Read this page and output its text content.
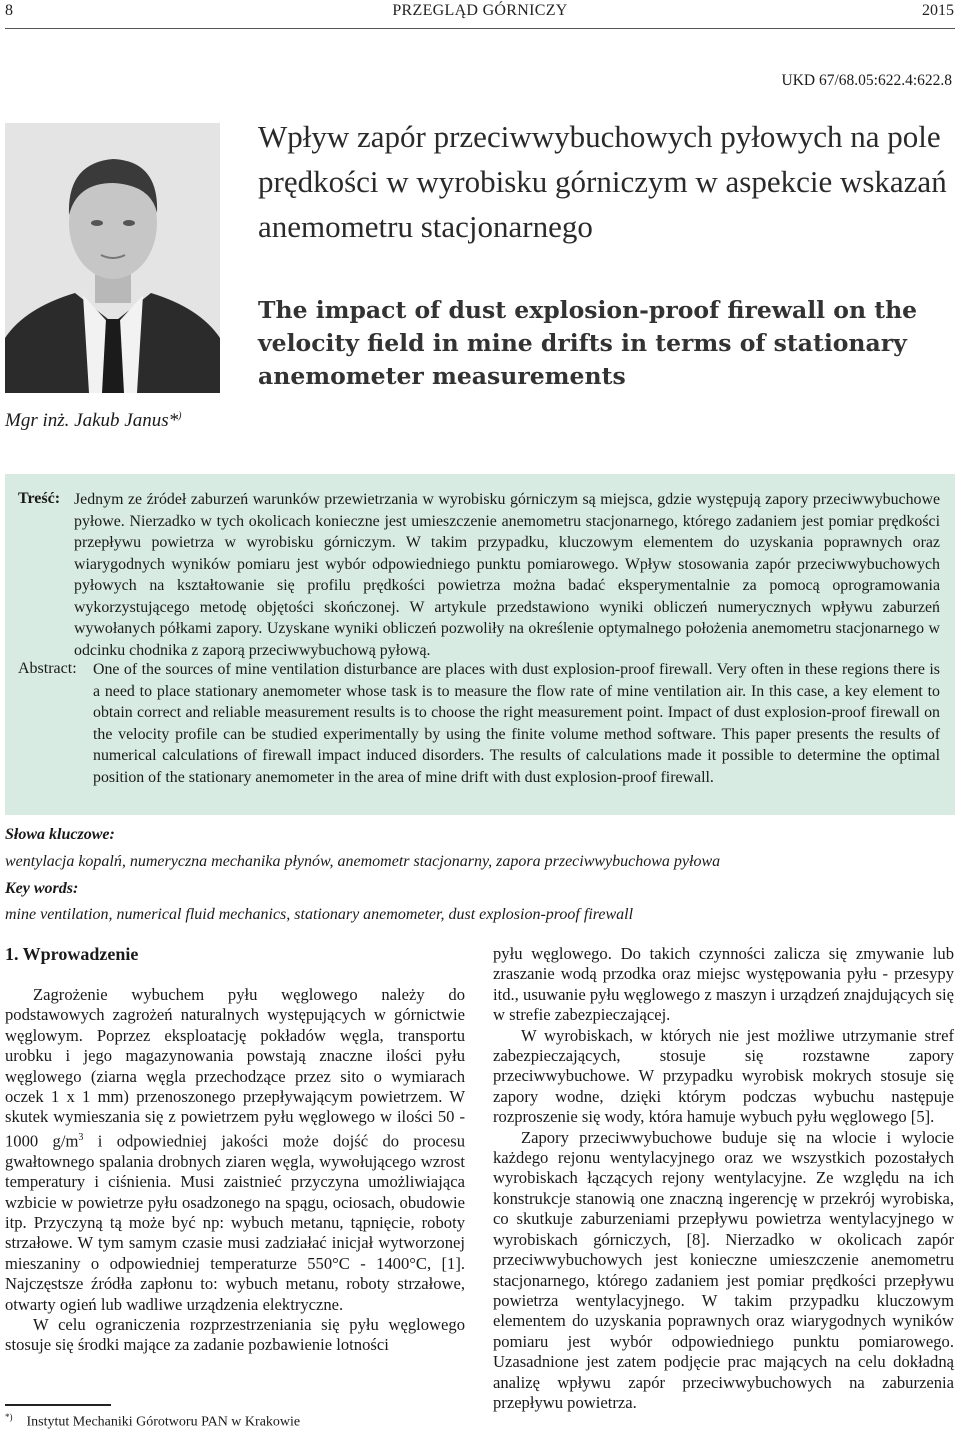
8	PRZEGLĄD GÓRNICZY	2015
UKD 67/68.05:622.4:622.8
Mgr inż. Jakub Janus*)
Wpływ zapór przeciwwybuchowych pyłowych na pole prędkości w wyrobisku górniczym w aspekcie wskazań anemometru stacjonarnego
The impact of dust explosion-proof firewall on the velocity field in mine drifts in terms of stationary anemometer measurements
Treść: Jednym ze źródeł zaburzeń warunków przewietrzania w wyrobisku górniczym są miejsca, gdzie występują zapory przeciwwybuchowe pyłowe. Nierzadko w tych okolicach konieczne jest umieszczenie anemometru stacjonarnego, którego zadaniem jest pomiar prędkości przepływu powietrza w wyrobisku górniczym. W takim przypadku, kluczowym elementem do uzyskania poprawnych oraz wiarygodnych wyników pomiaru jest wybór odpowiedniego punktu pomiarowego. Wpływ stosowania zapór przeciwwybuchowych pyłowych na kształtowanie się profilu prędkości powietrza można badać eksperymentalnie za pomocą oprogramowania wykorzystującego metodę objętości skończonej. W artykule przedstawiono wyniki obliczeń numerycznych wpływu zaburzeń wywołanych półkami zapory. Uzyskane wyniki obliczeń pozwoliły na określenie optymalnego położenia anemometru stacjonarnego w odcinku chodnika z zaporą przeciwwybuchową pyłową.
Abstract: One of the sources of mine ventilation disturbance are places with dust explosion-proof firewall. Very often in these regions there is a need to place stationary anemometer whose task is to measure the flow rate of mine ventilation air. In this case, a key element to obtain correct and reliable measurement results is to choose the right measurement point. Impact of dust explosion-proof firewall on the velocity profile can be studied experimentally by using the finite volume method software. This paper presents the results of numerical calculations of firewall impact induced disorders. The results of calculations made it possible to determine the optimal position of the stationary anemometer in the area of mine drift with dust explosion-proof firewall.
Słowa kluczowe:
wentylacja kopalń, numeryczna mechanika płynów, anemometr stacjonarny, zapora przeciwwybuchowa pyłowa
Key words:
mine ventilation, numerical fluid mechanics, stationary anemometer, dust explosion-proof firewall
1. Wprowadzenie

Zagrożenie wybuchem pyłu węglowego należy do podstawowych zagrożeń naturalnych występujących w górnictwie węglowym. Poprzez eksploatację pokładów węgla, transportu urobku i jego magazynowania powstają znaczne ilości pyłu węglowego (ziarna węgla przechodzące przez sito o wymiarach oczek 1 x 1 mm) przenoszonego przepływającym powietrzem. W skutek wymieszania się z powietrzem pyłu węglowego w ilości 50 - 1000 $g/m^3$ i odpowiedniej jakości może dojść do procesu gwałtownego spalania drobnych ziaren węgla, wywołującego wzrost temperatury i ciśnienia. Musi zaistnieć przyczyna umożliwiająca wzbicie w powietrze pyłu osadzonego na spągu, ociosach, obudowie itp. Przyczyną tą może być np: wybuch metanu, tąpnięcie, roboty strzałowe. W tym samym czasie musi zadziałać inicjał wytworzonej mieszaniny o odpowiedniej temperaturze 550°C - 1400°C, [1]. Najczęstsze źródła zapłonu to: wybuch metanu, roboty strzałowe, otwarty ogień lub wadliwe urządzenia elektryczne.

W celu ograniczenia rozprzestrzeniania się pyłu węglowego stosuje się środki mające za zadanie pozbawienie lotności

pyłu węglowego. Do takich czynności zalicza się zmywanie lub zraszanie wodą przodka oraz miejsc występowania pyłu - przesypy itd., usuwanie pyłu węglowego z maszyn i urządzeń znajdujących się w strefie zabezpieczającej.

W wyrobiskach, w których nie jest możliwe utrzymanie stref zabezpieczających, stosuje się rozstawne zapory przeciwwybuchowe. W przypadku wyrobisk mokrych stosuje się zapory wodne, dzięki którym podczas wybuchu następuje rozproszenie się wody, która hamuje wybuch pyłu węglowego [5].

Zapory przeciwwybuchowe buduje się na wlocie i wylocie każdego rejonu wentylacyjnego oraz we wszystkich pozostałych wyrobiskach łączących rejony wentylacyjne. Ze względu na ich konstrukcje stanowią one znaczną ingerencję w przekrój wyrobiska, co skutkuje zaburzeniami przepływu powietrza wentylacyjnego w wyrobiskach górniczych, [8]. Nierzadko w okolicach zapór przeciwwybuchowych jest konieczne umieszczenie anemometru stacjonarnego, którego zadaniem jest pomiar prędkości przepływu powietrza wentylacyjnego. W takim przypadku kluczowym elementem do uzyskania poprawnych oraz wiarygodnych wyników pomiaru jest wybór odpowiedniego punktu pomiarowego. Uzasadnione jest zatem podjęcie prac mających na celu dokładną analizę wpływu zapór przeciwwybuchowych na zaburzenia przepływu powietrza.

*) Instytut Mechaniki Górotworu PAN w Krakowie
